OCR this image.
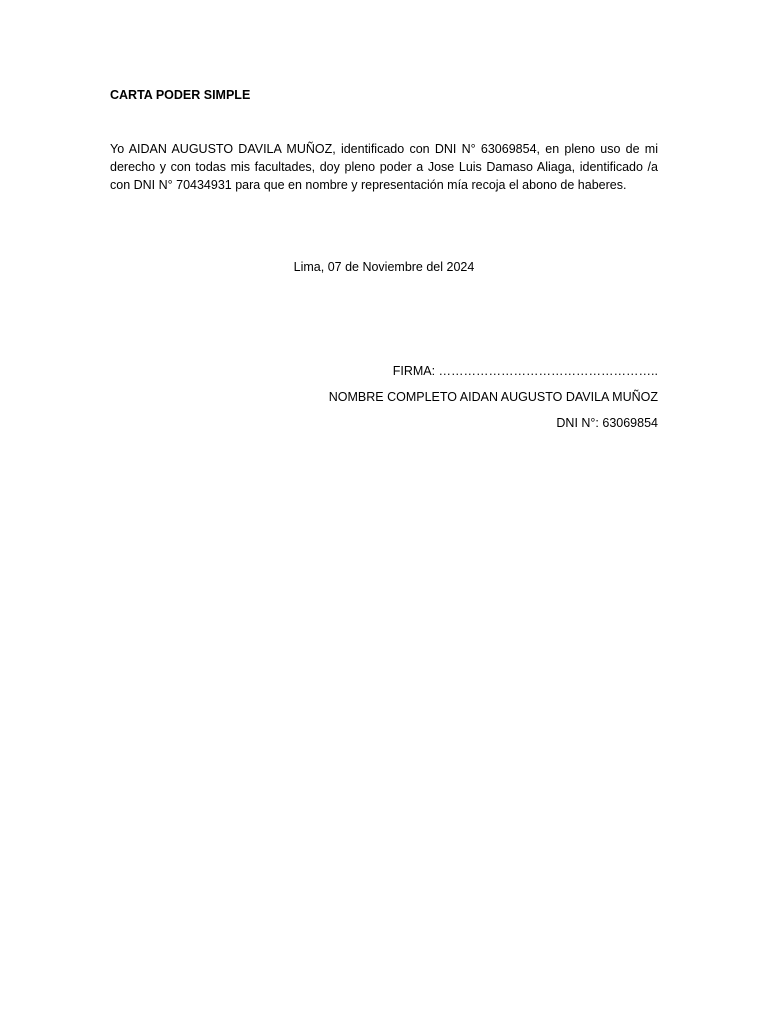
CARTA PODER SIMPLE

Yo AIDAN AUGUSTO DAVILA MUÑOZ, identificado con DNI N° 63069854, en pleno uso de mi derecho y con todas mis facultades, doy pleno poder a Jose Luis Damaso Aliaga, identificado /a con DNI N° 70434931 para que en nombre y representación mía recoja el abono de haberes.

Lima, 07 de Noviembre del 2024

FIRMA: ……………………………………………..

NOMBRE COMPLETO AIDAN AUGUSTO DAVILA MUÑOZ

DNI N°: 63069854
